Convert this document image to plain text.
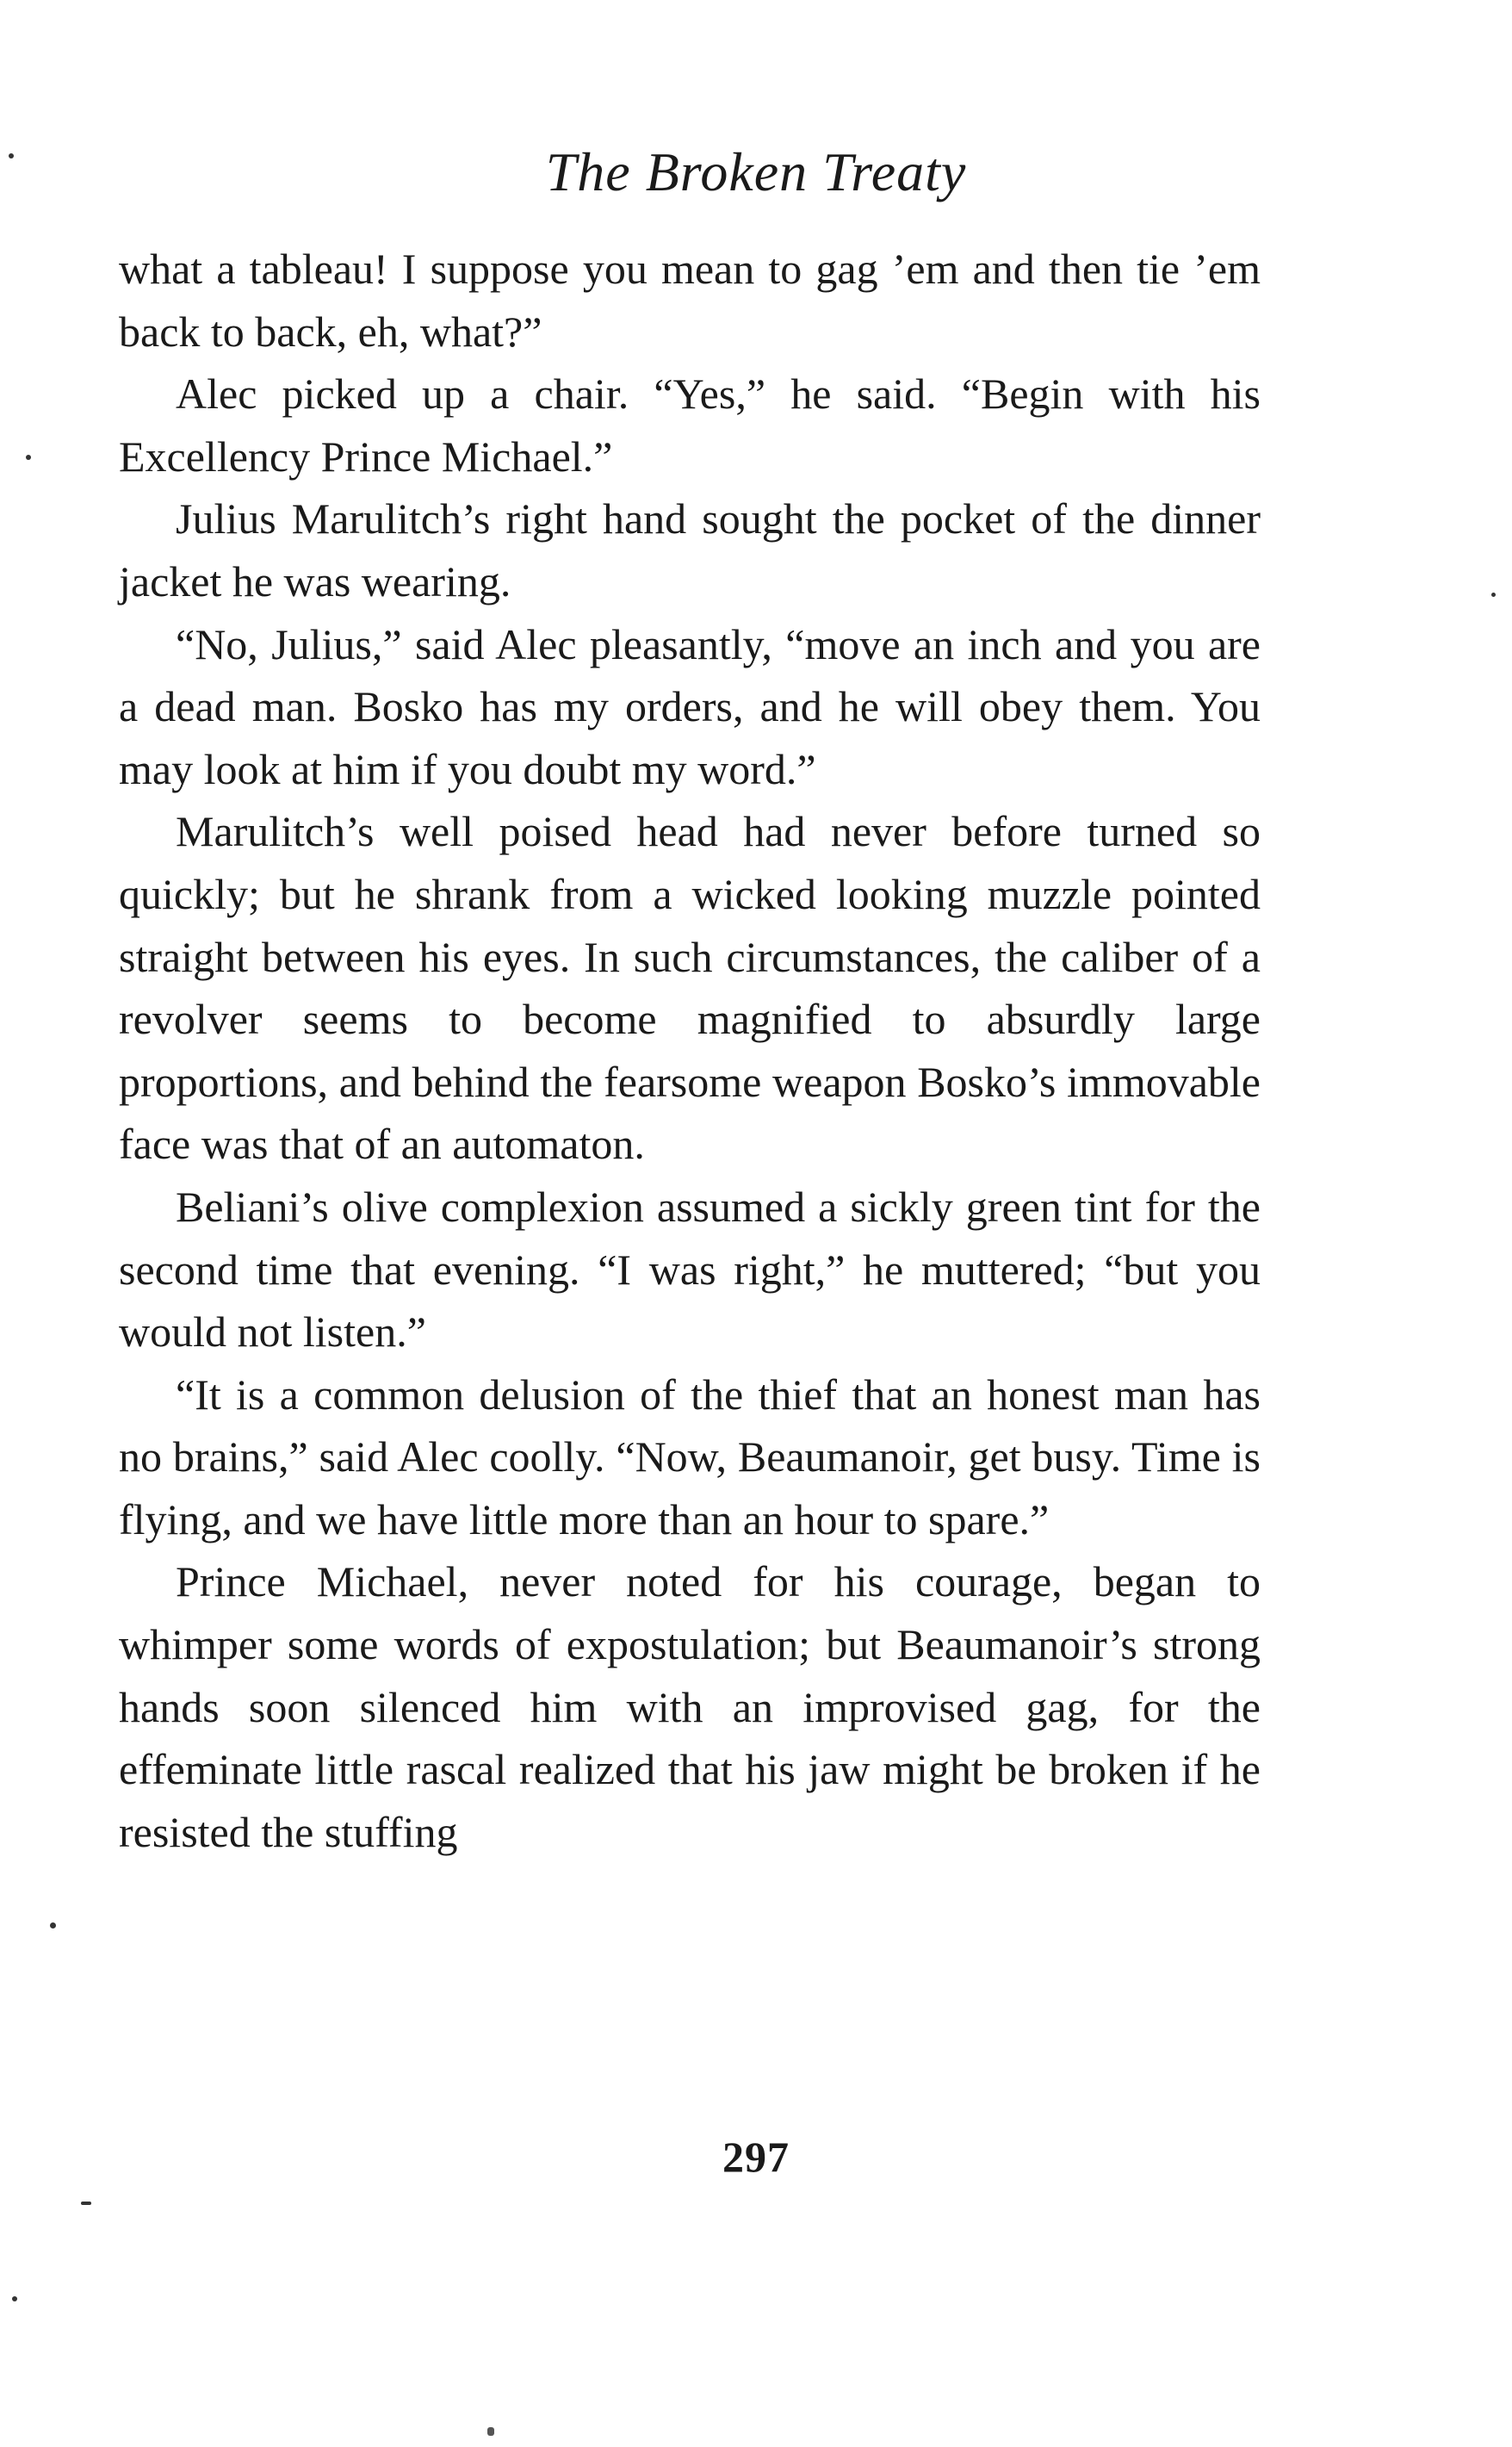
The Broken Treaty

what a tableau! I suppose you mean to gag ’em and then tie ’em back to back, eh, what?”

Alec picked up a chair. “Yes,” he said. “Begin with his Excellency Prince Michael.”

Julius Marulitch’s right hand sought the pocket of the dinner jacket he was wearing.

“No, Julius,” said Alec pleasantly, “move an inch and you are a dead man. Bosko has my orders, and he will obey them. You may look at him if you doubt my word.”

Marulitch’s well poised head had never before turned so quickly; but he shrank from a wicked looking muzzle pointed straight between his eyes. In such circumstances, the caliber of a revolver seems to become magnified to absurdly large proportions, and behind the fearsome weapon Bosko’s immovable face was that of an automaton.

Beliani’s olive complexion assumed a sickly green tint for the second time that evening. “I was right,” he muttered; “but you would not listen.”

“It is a common delusion of the thief that an honest man has no brains,” said Alec coolly. “Now, Beaumanoir, get busy. Time is flying, and we have little more than an hour to spare.”

Prince Michael, never noted for his courage, began to whimper some words of expostulation; but Beaumanoir’s strong hands soon silenced him with an improvised gag, for the effeminate little rascal realized that his jaw might be broken if he resisted the stuffing

297
